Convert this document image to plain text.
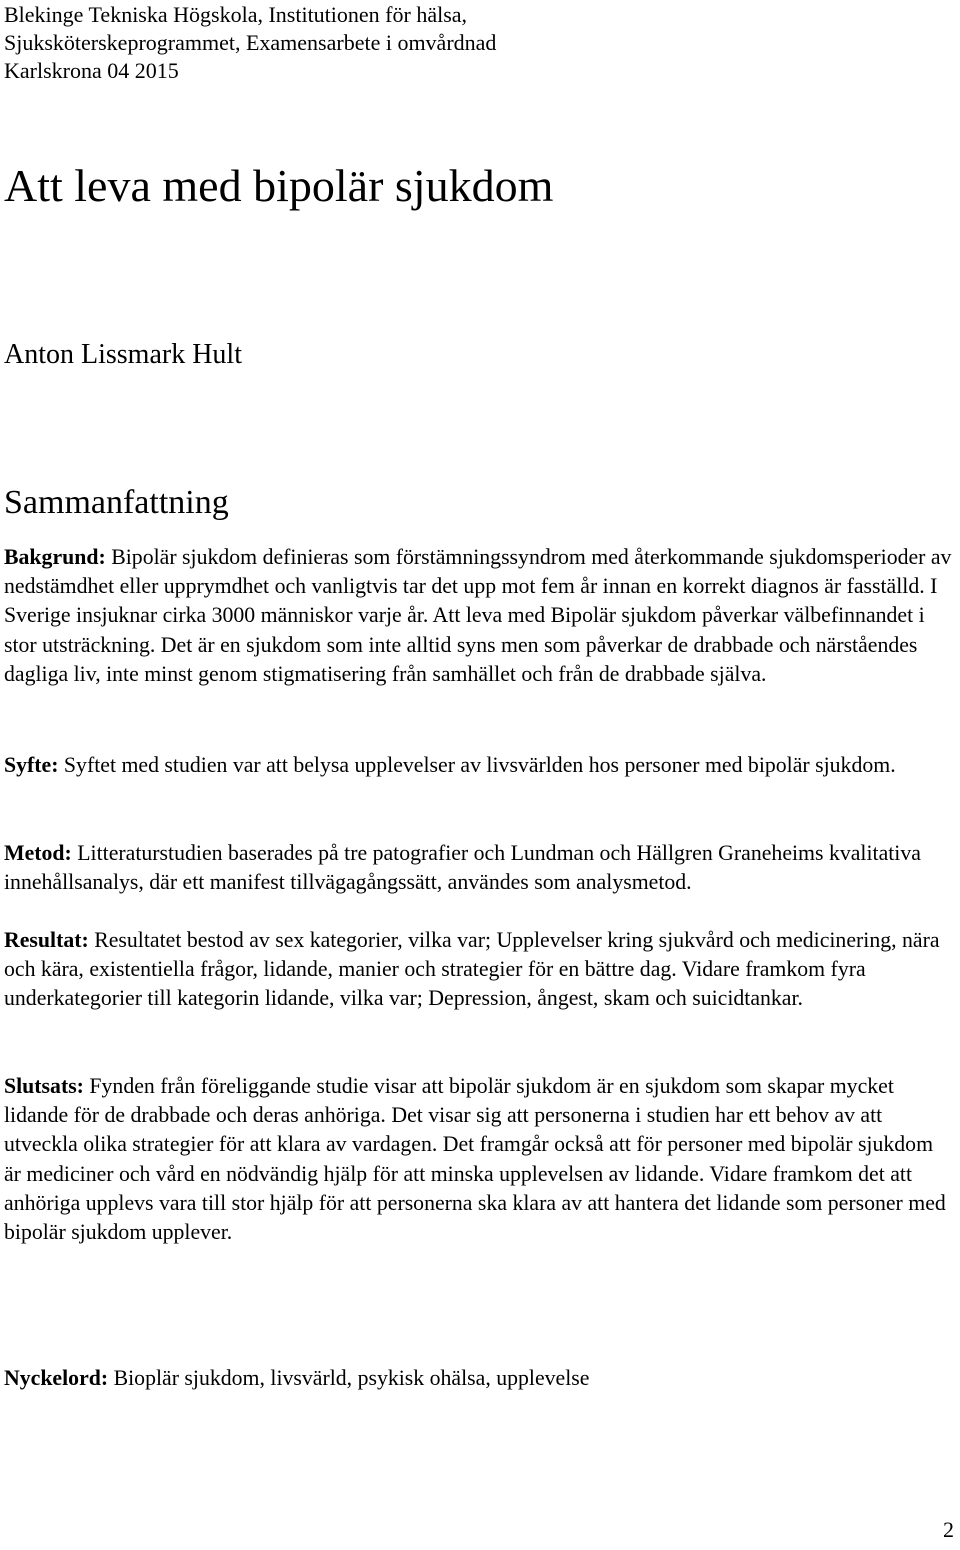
Blekinge Tekniska Högskola, Institutionen för hälsa,

Sjuksköterskeprogrammet, Examensarbete i omvårdnad

Karlskrona 04 2015

Att leva med bipolär sjukdom

Anton Lissmark Hult

Sammanfattning

Bakgrund: Bipolär sjukdom definieras som förstämningssyndrom med återkommande sjukdomsperioder av nedstämdhet eller upprymdhet och vanligtvis tar det upp mot fem år innan en korrekt diagnos är fasställd. I Sverige insjuknar cirka 3000 människor varje år. Att leva med Bipolär sjukdom påverkar välbefinnandet i stor utsträckning. Det är en sjukdom som inte alltid syns men som påverkar de drabbade och närståendes dagliga liv, inte minst genom stigmatisering från samhället och från de drabbade själva.

Syfte: Syftet med studien var att belysa upplevelser av livsvärlden hos personer med bipolär sjukdom.

Metod: Litteraturstudien baserades på tre patografier och Lundman och Hällgren Graneheims kvalitativa innehållsanalys, där ett manifest tillvägagångssätt, användes som analysmetod.

Resultat: Resultatet bestod av sex kategorier, vilka var; Upplevelser kring sjukvård och medicinering, nära och kära, existentiella frågor, lidande, manier och strategier för en bättre dag. Vidare framkom fyra underkategorier till kategorin lidande, vilka var; Depression, ångest, skam och suicidtankar.

Slutsats: Fynden från föreliggande studie visar att bipolär sjukdom är en sjukdom som skapar mycket lidande för de drabbade och deras anhöriga. Det visar sig att personerna i studien har ett behov av att utveckla olika strategier för att klara av vardagen. Det framgår också att för personer med bipolär sjukdom är mediciner och vård en nödvändig hjälp för att minska upplevelsen av lidande. Vidare framkom det att anhöriga upplevs vara till stor hjälp för att personerna ska klara av att hantera det lidande som personer med bipolär sjukdom upplever.

Nyckelord: Bioplär sjukdom, livsvärld, psykisk ohälsa, upplevelse

2
